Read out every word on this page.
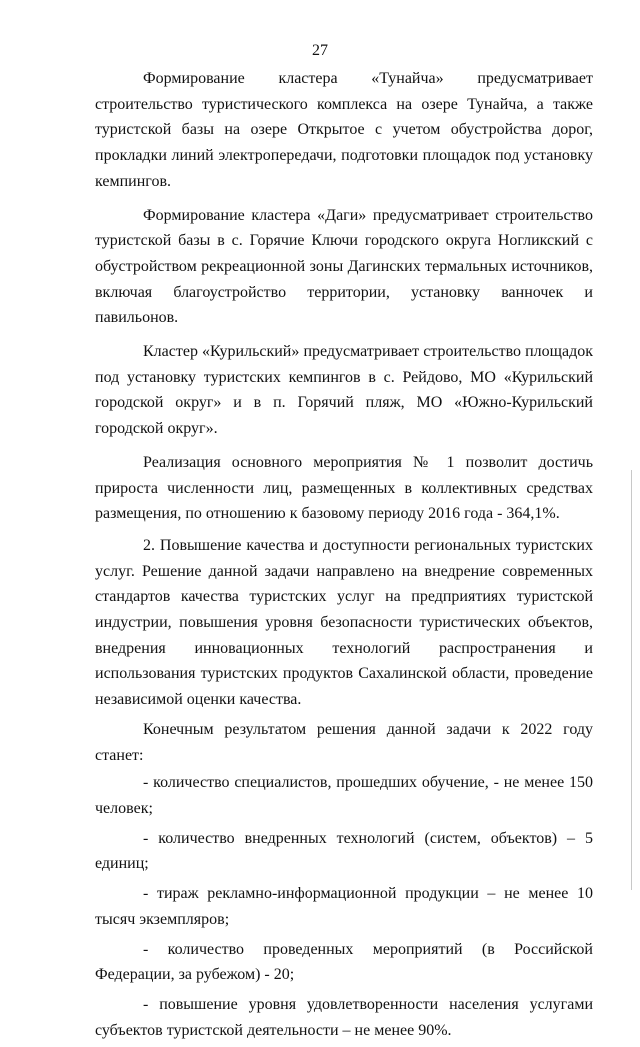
27

Формирование кластера «Тунайча» предусматривает строительство туристического комплекса на озере Тунайча, а также туристской базы на озере Открытое с учетом обустройства дорог, прокладки линий электропередачи, подготовки площадок под установку кемпингов.

Формирование кластера «Даги» предусматривает строительство туристской базы в с. Горячие Ключи городского округа Ногликский с обустройством рекреационной зоны Дагинских термальных источников, включая благоустройство территории, установку ванночек и павильонов.

Кластер «Курильский» предусматривает строительство площадок под установку туристских кемпингов в с. Рейдово, МО «Курильский городской округ» и в п. Горячий пляж, МО «Южно-Курильский городской округ».

Реализация основного мероприятия № 1 позволит достичь прироста численности лиц, размещенных в коллективных средствах размещения, по отношению к базовому периоду 2016 года - 364,1%.

2. Повышение качества и доступности региональных туристских услуг. Решение данной задачи направлено на внедрение современных стандартов качества туристских услуг на предприятиях туристской индустрии, повышения уровня безопасности туристических объектов, внедрения инновационных технологий распространения и использования туристских продуктов Сахалинской области, проведение независимой оценки качества.

Конечным результатом решения данной задачи к 2022 году станет:

- количество специалистов, прошедших обучение, - не менее 150 человек;

- количество внедренных технологий (систем, объектов) – 5 единиц;

- тираж рекламно-информационной продукции – не менее 10 тысяч экземпляров;

- количество проведенных мероприятий (в Российской Федерации, за рубежом) - 20;

- повышение уровня удовлетворенности населения услугами субъектов туристской деятельности – не менее 90%.
